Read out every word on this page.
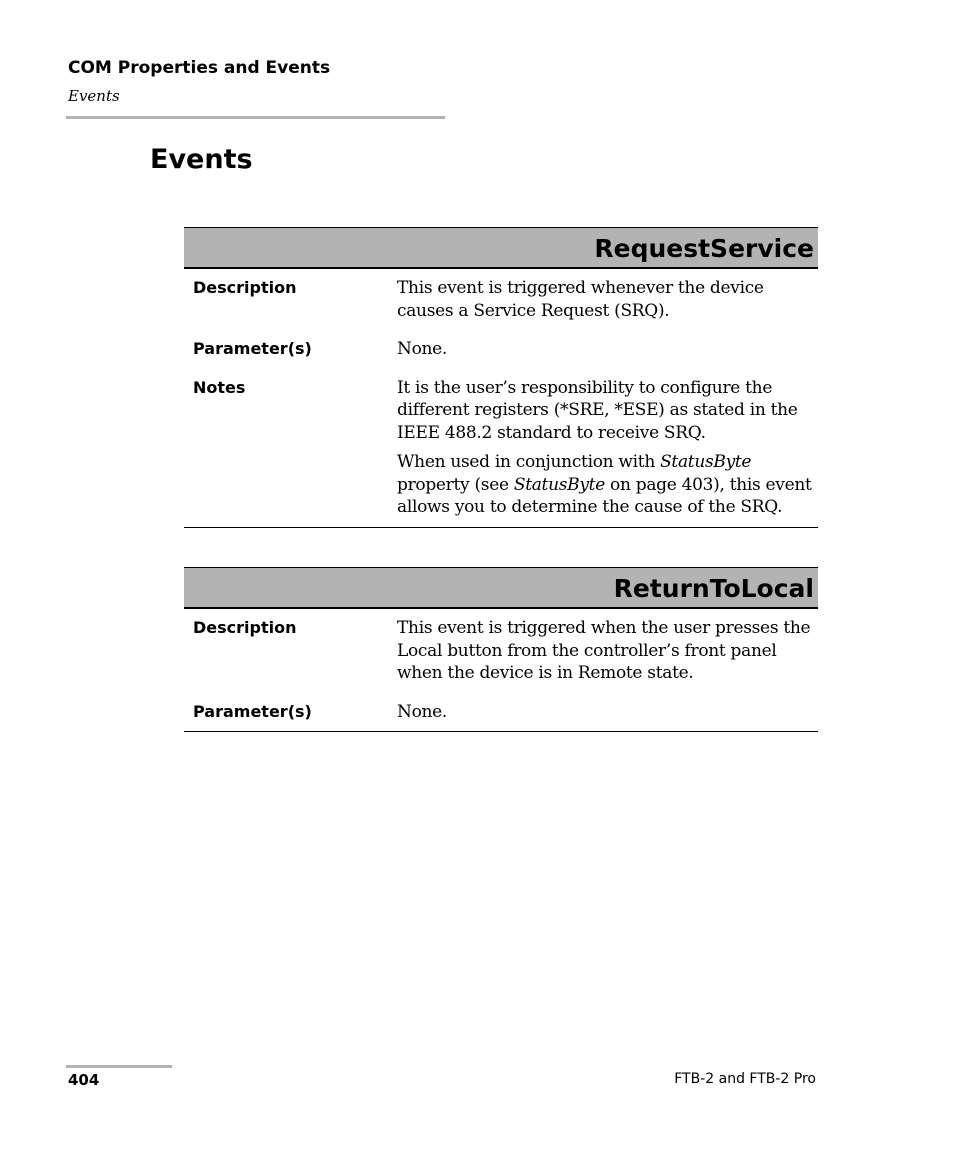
COM Properties and Events
Events
Events
RequestService
Description	This event is triggered whenever the device causes a Service Request (SRQ).

Parameter(s)	None.

Notes	It is the user’s responsibility to configure the different registers (*SRE, *ESE) as stated in the IEEE 488.2 standard to receive SRQ.

When used in conjunction with StatusByte property (see StatusByte on page 403), this event allows you to determine the cause of the SRQ.

ReturnToLocal
Description	This event is triggered when the user presses the Local button from the controller’s front panel when the device is in Remote state.

Parameter(s)	None.

404	FTB-2 and FTB-2 Pro
